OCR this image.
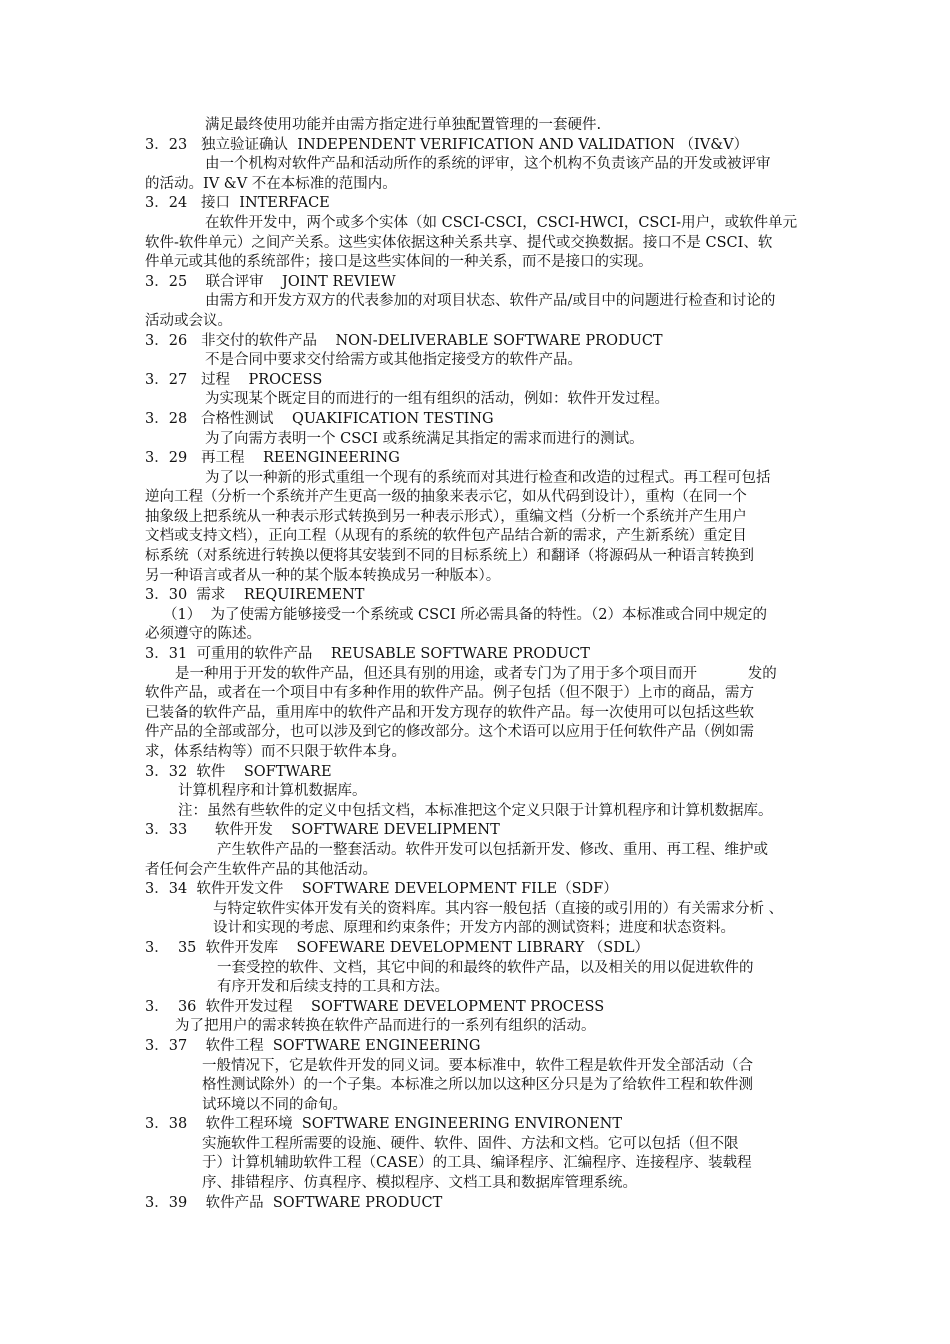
满足最终使用功能并由需方指定进行单独配置管理的一套硬件.
3．23   独立验证确认  INDEPENDENT VERIFICATION AND VALIDATION （IV&V）
由一个机构对软件产品和活动所作的系统的评审，这个机构不负责该产品的开发或被评审
的活动。IV &V 不在本标准的范围内。
3．24   接口  INTERFACE
在软件开发中，两个或多个实体（如 CSCI-CSCI，CSCI-HWCI，CSCI-用户，或软件单元
软件-软件单元）之间产关系。这些实体依据这种关系共享、提代或交换数据。接口不是 CSCI、软
件单元或其他的系统部件；接口是这些实体间的一种关系，而不是接口的实现。
3．25    联合评审    JOINT REVIEW
由需方和开发方双方的代表参加的对项目状态、软件产品/或目中的问题进行检查和讨论的
活动或会议。
3．26   非交付的软件产品    NON-DELIVERABLE SOFTWARE PRODUCT
不是合同中要求交付给需方或其他指定接受方的软件产品。
3．27   过程    PROCESS
为实现某个既定目的而进行的一组有组织的活动，例如：软件开发过程。
3．28   合格性测试    QUAKIFICATION TESTING
为了向需方表明一个 CSCI 或系统满足其指定的需求而进行的测试。
3．29   再工程    REENGINEERING
为了以一种新的形式重组一个现有的系统而对其进行检查和改造的过程式。再工程可包括
逆向工程（分析一个系统并产生更高一级的抽象来表示它，如从代码到设计），重构（在同一个
抽象级上把系统从一种表示形式转换到另一种表示形式），重编文档（分析一个系统并产生用户
文档或支持文档），正向工程（从现有的系统的软件包产品结合新的需求，产生新系统）重定目
标系统（对系统进行转换以便将其安装到不同的目标系统上）和翻译（将源码从一种语言转换到
另一种语言或者从一种的某个版本转换成另一种版本）。
3．30  需求    REQUIREMENT
（1）  为了使需方能够接受一个系统或 CSCI 所必需具备的特性。（2）本标准或合同中规定的
必须遵守的陈述。
3．31  可重用的软件产品    REUSABLE SOFTWARE PRODUCT
是一种用于开发的软件产品，但还具有别的用途，或者专门为了用于多个项目而开           发的
软件产品，或者在一个项目中有多种作用的软件产品。例子包括（但不限于）上市的商品，需方
已装备的软件产品，重用库中的软件产品和开发方现存的软件产品。每一次使用可以包括这些软
件产品的全部或部分，也可以涉及到它的修改部分。这个术语可以应用于任何软件产品（例如需
求，体系结构等）而不只限于软件本身。
3．32  软件    SOFTWARE
计算机程序和计算机数据库。
注：虽然有些软件的定义中包括文档，本标准把这个定义只限于计算机程序和计算机数据库。
3．33      软件开发    SOFTWARE DEVELIPMENT
产生软件产品的一整套活动。软件开发可以包括新开发、修改、重用、再工程、维护或
者任何会产生软件产品的其他活动。
3．34  软件开发文件    SOFTWARE DEVELOPMENT FILE（SDF）
与特定软件实体开发有关的资料库。其内容一般包括（直接的或引用的）有关需求分析 、
设计和实现的考虑、原理和约束条件；开发方内部的测试资料；进度和状态资料。
3．  35  软件开发库    SOFEWARE DEVELOPMENT LIBRARY （SDL）
一套受控的软件、文档，其它中间的和最终的软件产品，以及相关的用以促进软件的
有序开发和后续支持的工具和方法。
3．  36  软件开发过程    SOFTWARE DEVELOPMENT PROCESS
为了把用户的需求转换在软件产品而进行的一系列有组织的活动。
3．37    软件工程  SOFTWARE ENGINEERING
一般情况下，它是软件开发的同义词。要本标准中，软件工程是软件开发全部活动（合
格性测试除外）的一个子集。本标准之所以加以这种区分只是为了给软件工程和软件测
试环境以不同的命旬。
3．38    软件工程环境  SOFTWARE ENGINEERING ENVIRONENT
实施软件工程所需要的设施、硬件、软件、固件、方法和文档。它可以包括（但不限
于）计算机辅助软件工程（CASE）的工具、编译程序、汇编程序、连接程序、装载程
序、排错程序、仿真程序、模拟程序、文档工具和数据库管理系统。
3．39    软件产品  SOFTWARE PRODUCT
